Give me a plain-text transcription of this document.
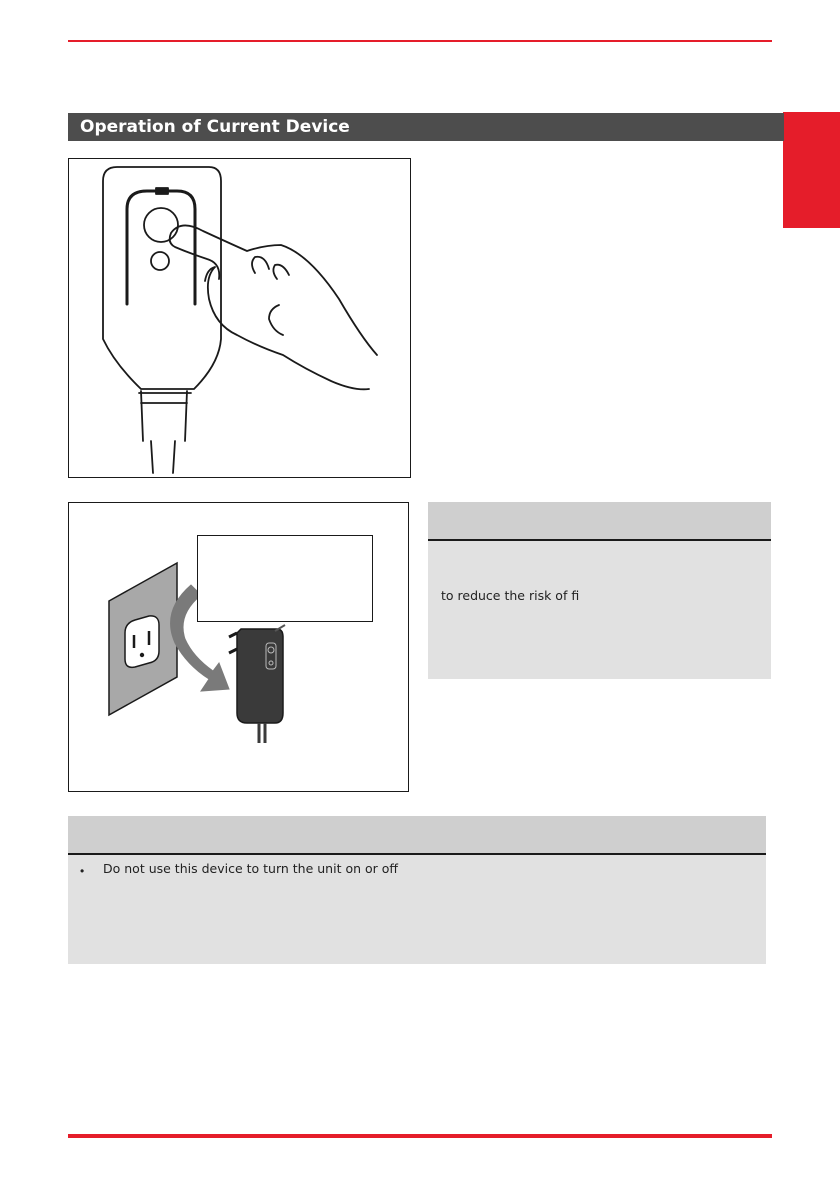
Operation of Current Device
to reduce the risk of fi
• Do not use this device to turn the unit on or off
